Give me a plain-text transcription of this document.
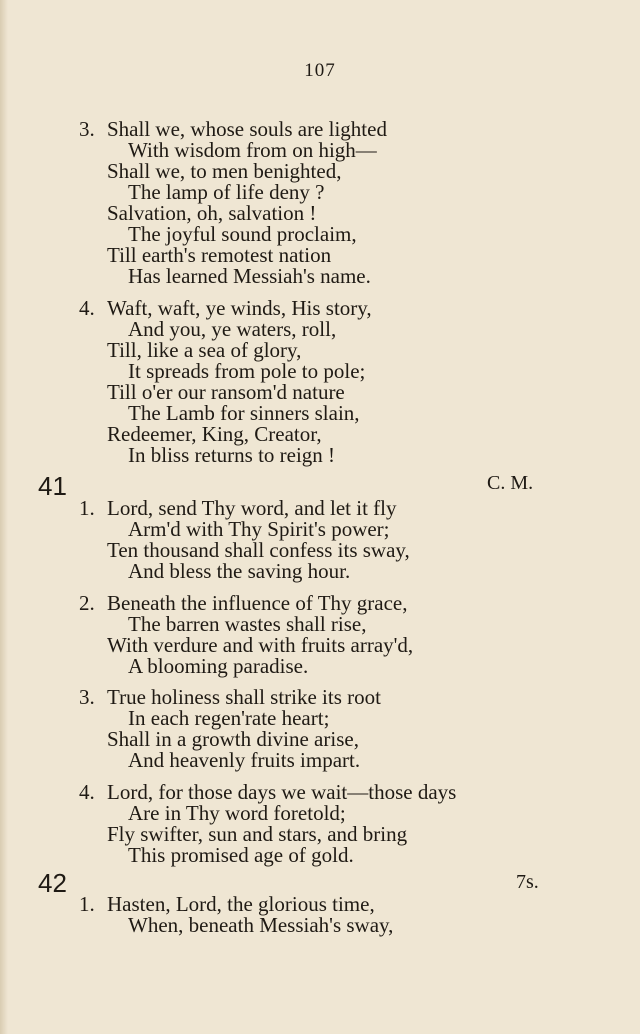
107
3. Shall we, whose souls are lighted
With wisdom from on high—
Shall we, to men benighted,
The lamp of life deny ?
Salvation, oh, salvation !
The joyful sound proclaim,
Till earth's remotest nation
Has learned Messiah's name.
4. Waft, waft, ye winds, His story,
And you, ye waters, roll,
Till, like a sea of glory,
It spreads from pole to pole;
Till o'er our ransom'd nature
The Lamb for sinners slain,
Redeemer, King, Creator,
In bliss returns to reign !
41	C. M.
1. Lord, send Thy word, and let it fly
Arm'd with Thy Spirit's power;
Ten thousand shall confess its sway,
And bless the saving hour.
2. Beneath the influence of Thy grace,
The barren wastes shall rise,
With verdure and with fruits array'd,
A blooming paradise.
3. True holiness shall strike its root
In each regen'rate heart;
Shall in a growth divine arise,
And heavenly fruits impart.
4. Lord, for those days we wait—those days
Are in Thy word foretold;
Fly swifter, sun and stars, and bring
This promised age of gold.
42	7s.
1. Hasten, Lord, the glorious time,
When, beneath Messiah's sway,
